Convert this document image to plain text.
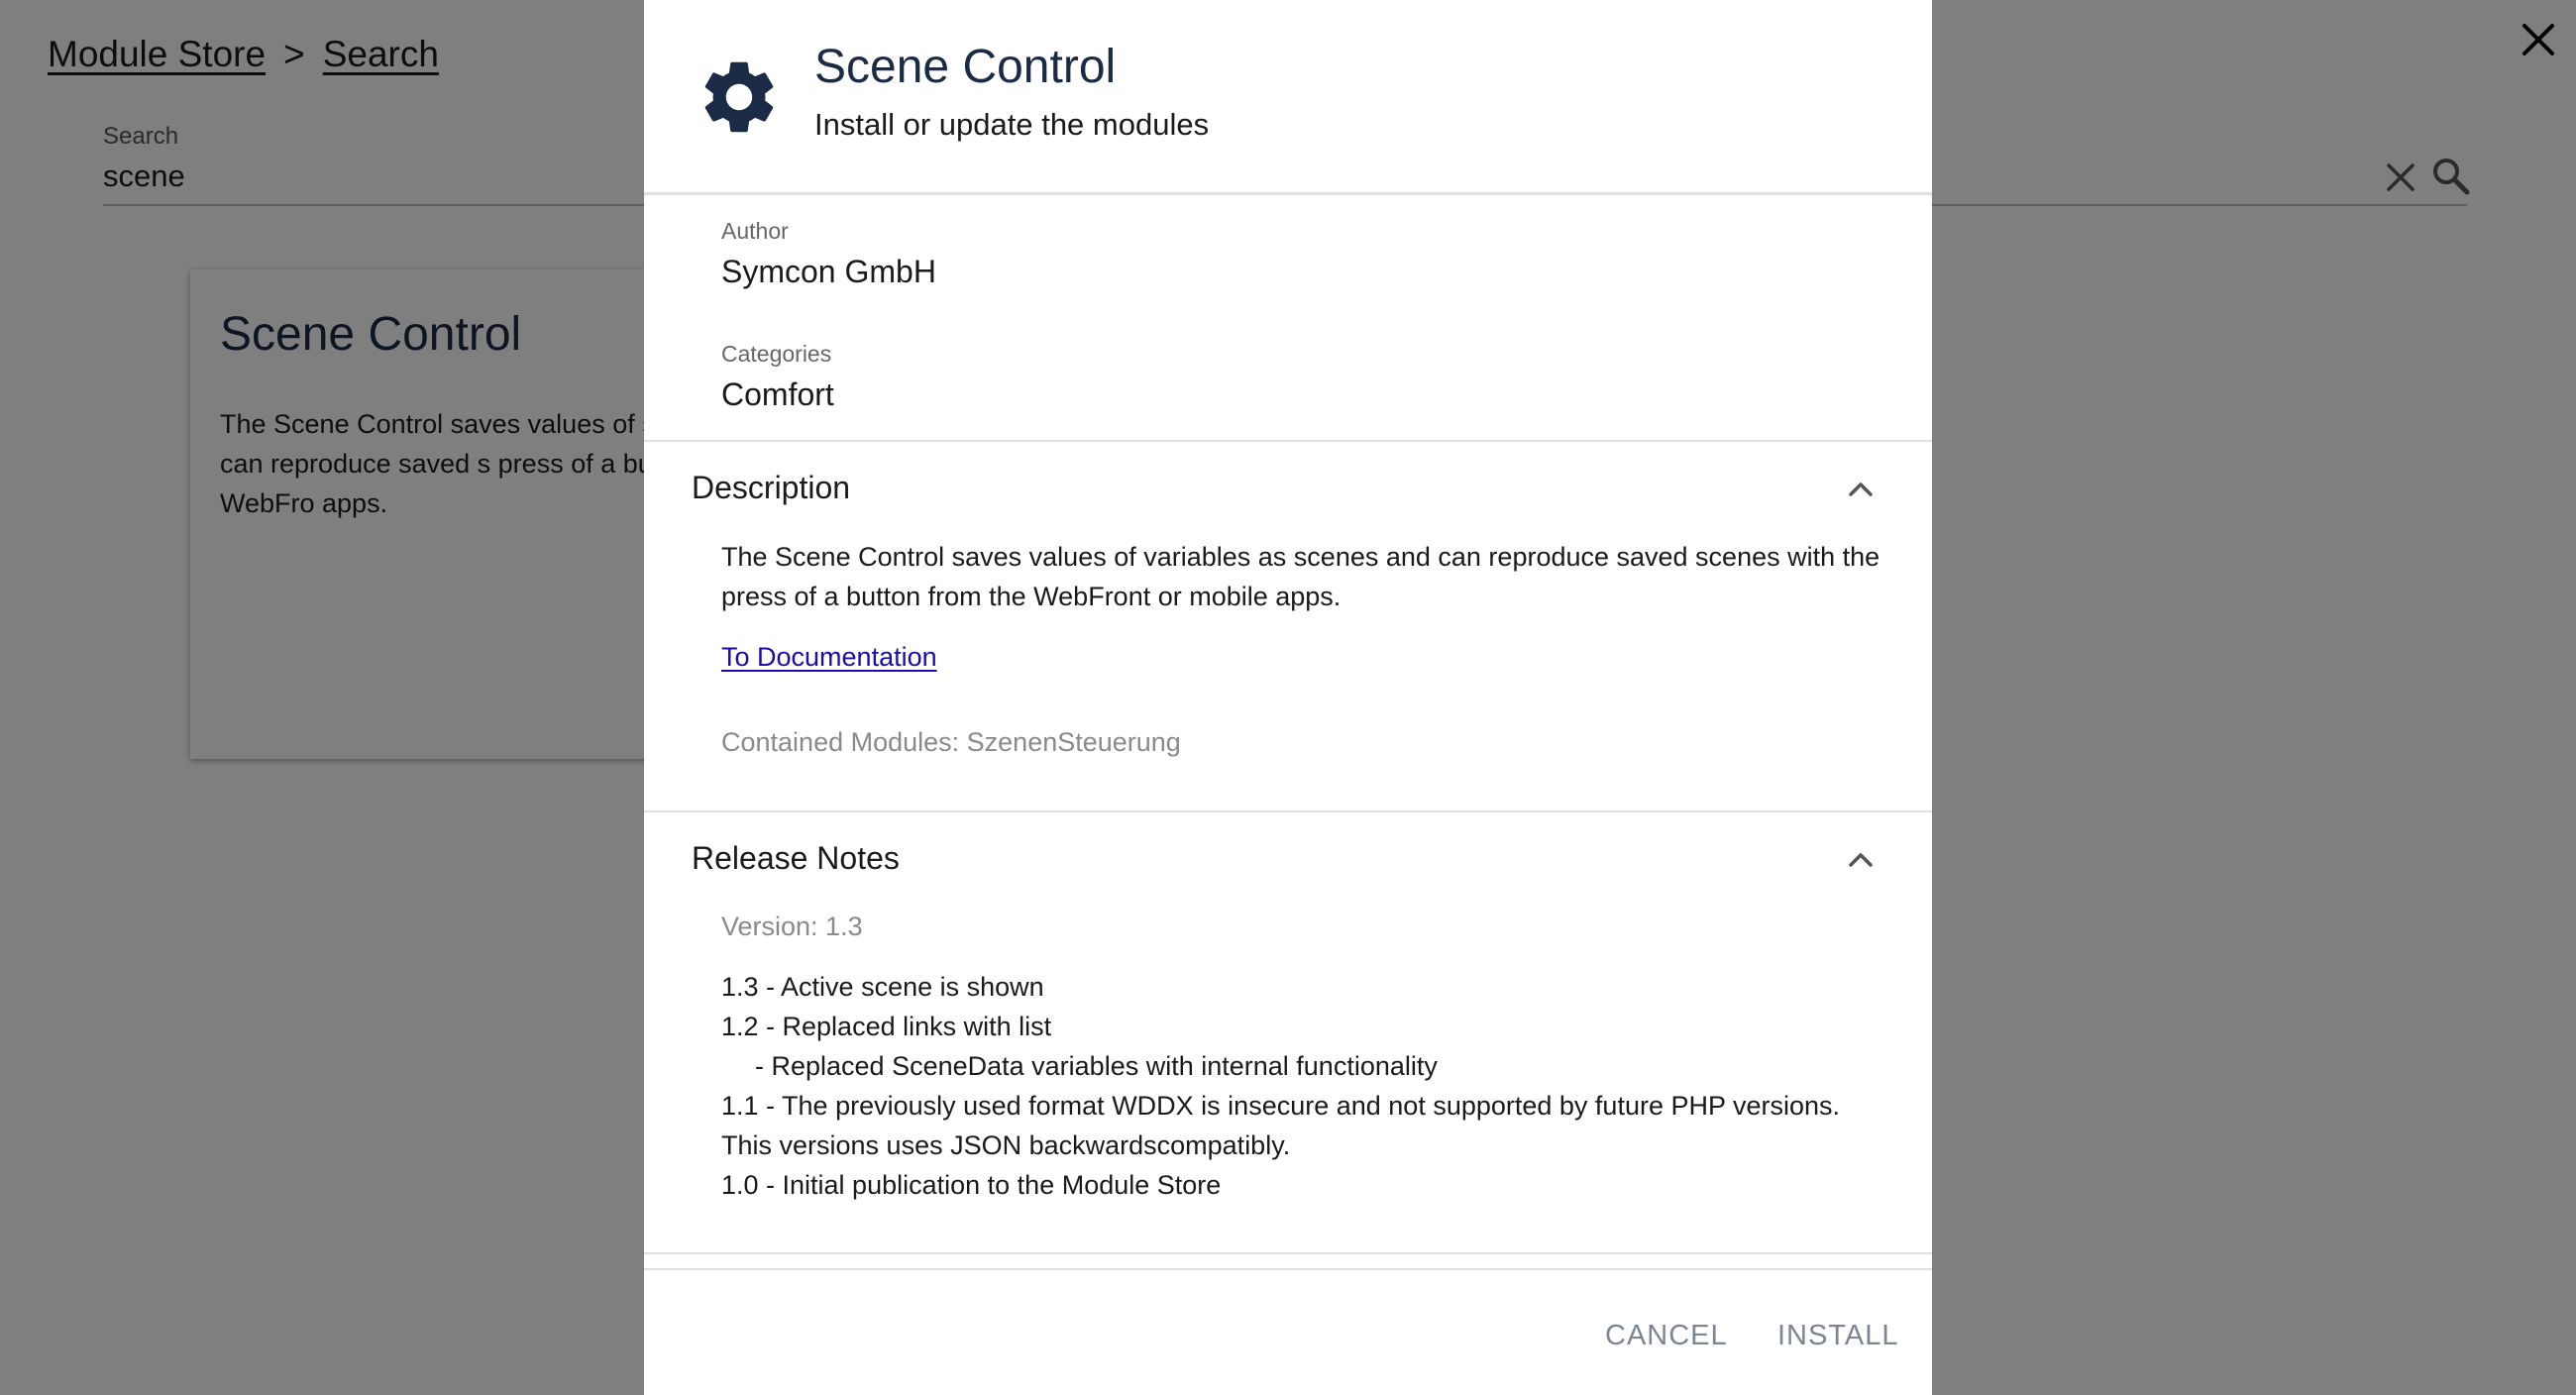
Scene Control
Install or update the modules
Author
Symcon GmbH
Categories
Comfort
Description
The Scene Control saves values of variables as scenes and can reproduce saved scenes with the press of a button from the WebFront or mobile apps.
To Documentation
Contained Modules: SzenenSteuerung
Release Notes
Version: 1.3
1.3 - Active scene is shown
1.2 - Replaced links with list
- Replaced SceneData variables with internal functionality
1.1 - The previously used format WDDX is insecure and not supported by future PHP versions.
This versions uses JSON backwardscompatibly.
1.0 - Initial publication to the Module Store
CANCEL INSTALL
